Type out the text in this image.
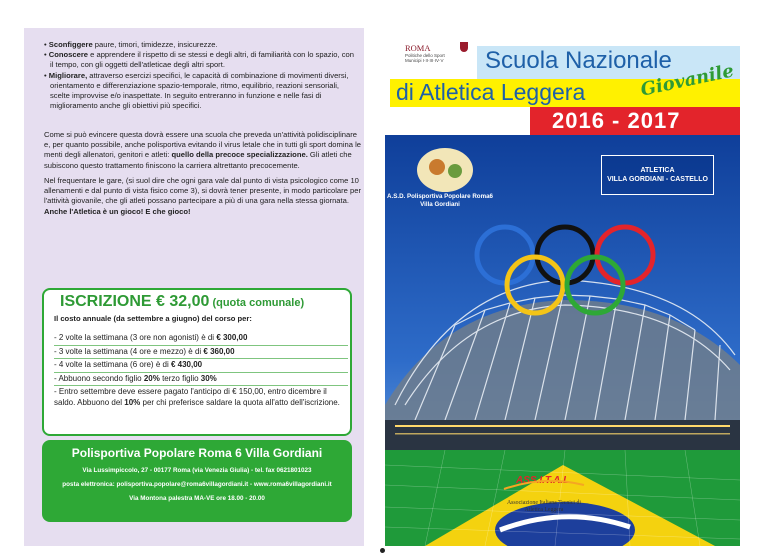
• Sconfiggere paure, timori, timidezze, insicurezze.
• Conoscere e apprendere il rispetto di se stessi e degli altri, di familiarità con lo spazio, con il tempo, con gli oggetti dell'atleticae degli altri sport.
• Migliorare, attraverso esercizi specifici, le capacità di combinazione di movimenti diversi, orientamento e differenziazione spazio-temporale, ritmo, equilibrio, reazioni sensoriali, scelte improvvise e/o inaspettate. In seguito entreranno in funzione e nelle fasi di miglioramento anche gli obiettivi più specifici.

Come si può evincere questa dovrà essere una scuola che preveda un'attività polidisciplinare e, per quanto possibile, anche polisportiva evitando il virus letale che in tutti gli sport domina le menti degli allenatori, genitori e atleti: quello della precoce specializzazione. Gli atleti che subiscono questo trattamento finiscono la carriera altrettanto precocemente.

Nel frequentare le gare, (si suol dire che ogni gara vale dal punto di vista psicologico come 10 allenamenti e dal punto di vista fisico come 3), si dovrà tener presente, in modo particolare per l'attività giovanile, che gli atleti possano partecipare a più di una gara nella stessa giornata.
Anche l'Atletica è un gioco! E che gioco!

ISCRIZIONE € 32,00 (quota comunale)
Il costo annuale (da settembre a giugno) del corso per:
- 2 volte la settimana (3 ore non agonisti) è di € 300,00
- 3 volte la settimana (4 ore e mezzo) è di € 360,00
- 4 volte la settimana (6 ore) è di € 430,00
- Abbuono secondo figlio 20% terzo figlio 30%
- Entro settembre deve essere pagato l'anticipo di € 150,00, entro dicembre il saldo. Abbuono del 10% per chi preferisce saldare la quota all'atto dell'iscrizione.
Polisportiva Popolare Roma 6 Villa Gordiani
Via Lussimpiccolo, 27 - 00177 Roma (via Venezia Giulia) - tel. fax 0621801023
posta elettronica: polisportiva.popolare@roma6villagordiani.it - www.roma6villagordiani.it
Via Montona palestra MA-VE ore 18.00 - 20.00
ROMA
Politiche dello Sport
Municipi I·II·III·IV·V	Scuola Nazionale
di Atletica Leggera	Giovanile
2016 - 2017
A.S.D. Polisportiva Popolare Roma6 Villa Gordiani
ATLETICA
VILLA GORDIANI - CASTELLO
ASS.I.T.A.L.
Associazione Italiana Tecnici di Atletica Leggera
